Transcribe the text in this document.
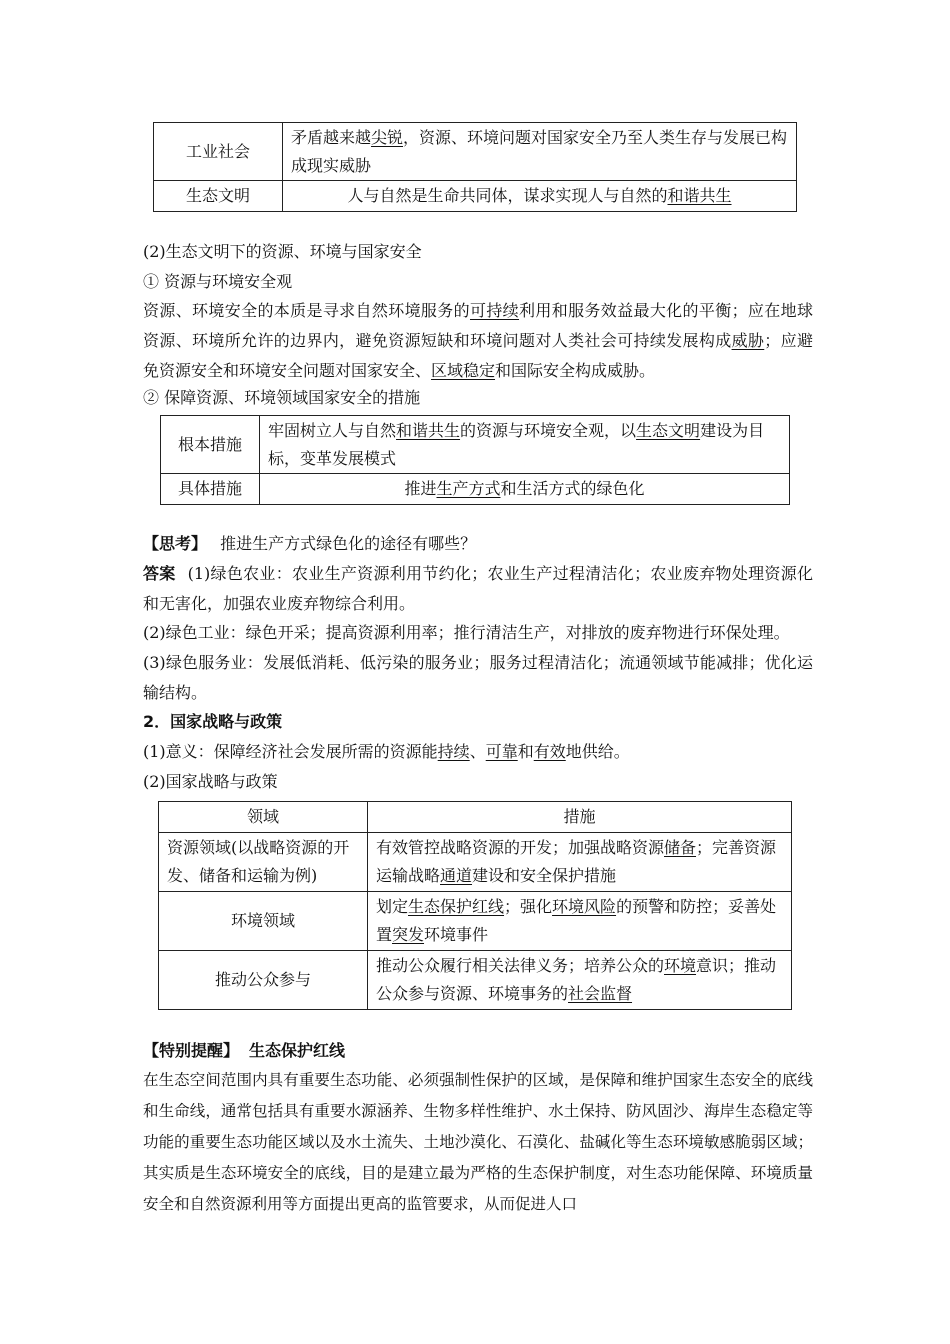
工业社会	矛盾越来越尖锐，资源、环境问题对国家安全乃至人类生存与发展已构成现实威胁
生态文明	人与自然是生命共同体，谋求实现人与自然的和谐共生
(2)生态文明下的资源、环境与国家安全
① 资源与环境安全观
资源、环境安全的本质是寻求自然环境服务的可持续利用和服务效益最大化的平衡；应在地球资源、环境所允许的边界内，避免资源短缺和环境问题对人类社会可持续发展构成威胁；应避免资源安全和环境安全问题对国家安全、区域稳定和国际安全构成威胁。
② 保障资源、环境领域国家安全的措施
根本措施	牢固树立人与自然和谐共生的资源与环境安全观，以生态文明建设为目标，变革发展模式
具体措施	推进生产方式和生活方式的绿色化
【思考】 推进生产方式绿色化的途径有哪些？
答案 (1)绿色农业：农业生产资源利用节约化；农业生产过程清洁化；农业废弃物处理资源化和无害化，加强农业废弃物综合利用。
(2)绿色工业：绿色开采；提高资源利用率；推行清洁生产，对排放的废弃物进行环保处理。
(3)绿色服务业：发展低消耗、低污染的服务业；服务过程清洁化；流通领域节能减排；优化运输结构。
2．国家战略与政策
(1)意义：保障经济社会发展所需的资源能持续、可靠和有效地供给。
(2)国家战略与政策
领域	措施
资源领域(以战略资源的开发、储备和运输为例)	有效管控战略资源的开发；加强战略资源储备；完善资源运输战略通道建设和安全保护措施
环境领域	划定生态保护红线；强化环境风险的预警和防控；妥善处置突发环境事件
推动公众参与	推动公众履行相关法律义务；培养公众的环境意识；推动公众参与资源、环境事务的社会监督
【特别提醒】 生态保护红线
在生态空间范围内具有重要生态功能、必须强制性保护的区域，是保障和维护国家生态安全的底线和生命线，通常包括具有重要水源涵养、生物多样性维护、水土保持、防风固沙、海岸生态稳定等功能的重要生态功能区域以及水土流失、土地沙漠化、石漠化、盐碱化等生态环境敏感脆弱区域；其实质是生态环境安全的底线，目的是建立最为严格的生态保护制度，对生态功能保障、环境质量安全和自然资源利用等方面提出更高的监管要求，从而促进人口
